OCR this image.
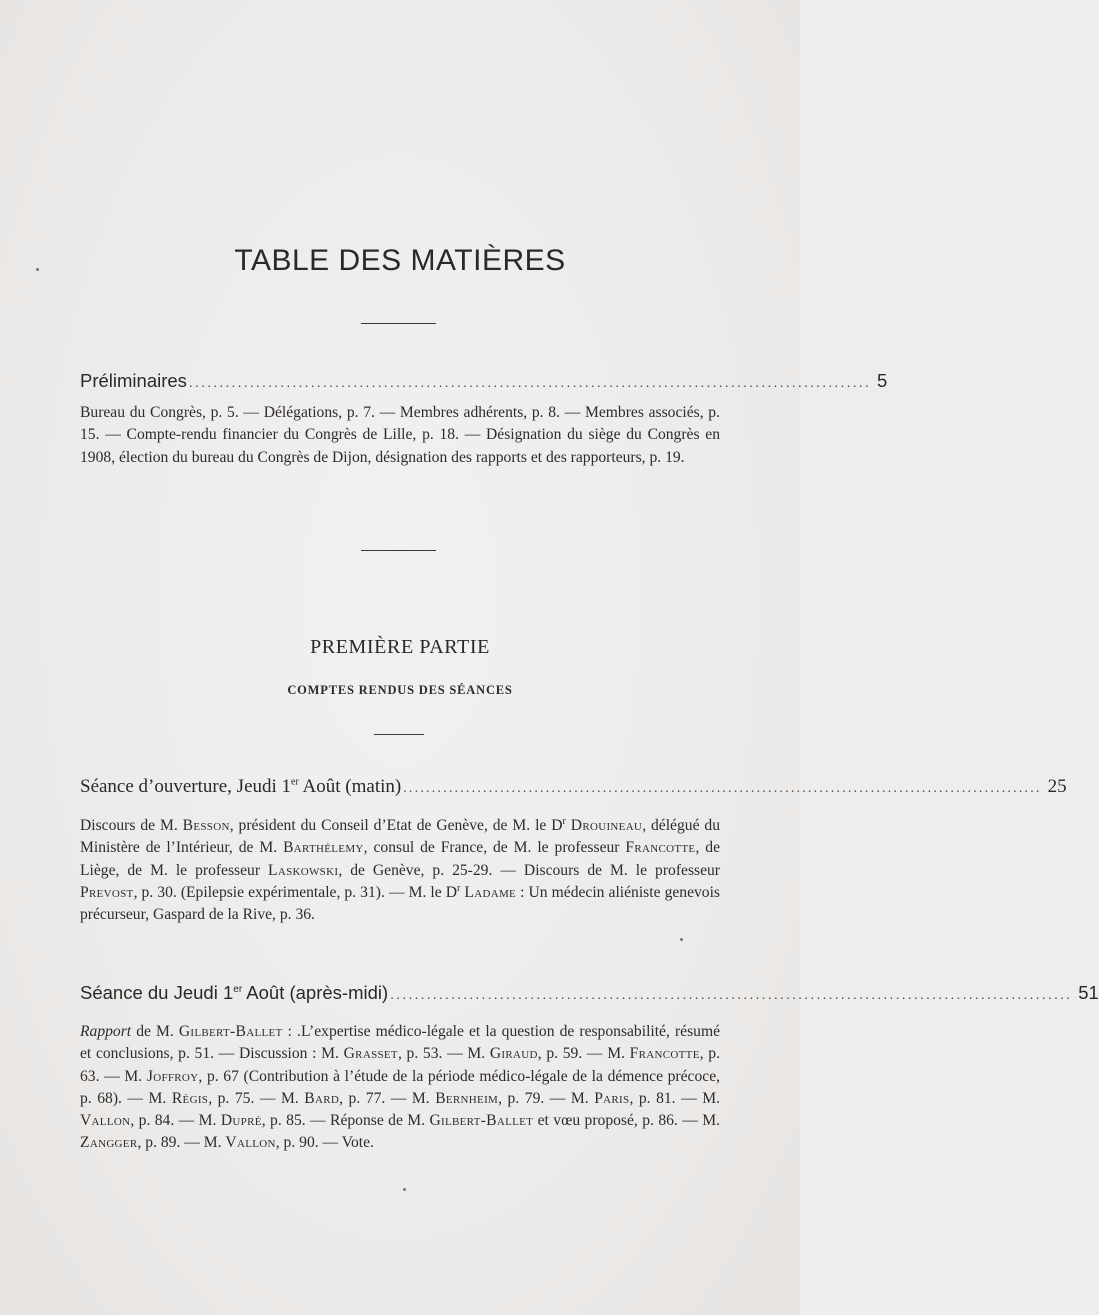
TABLE DES MATIÈRES
Préliminaires ................................................................................................................ 5

Bureau du Congrès, p. 5. — Délégations, p. 7. — Membres adhérents, p. 8. — Membres associés, p. 15. — Compte-rendu financier du Congrès de Lille, p. 18. — Désignation du siège du Congrès en 1908, élection du bureau du Congrès de Dijon, désignation des rapports et des rapporteurs, p. 19.

PREMIÈRE PARTIE
COMPTES RENDUS DES SÉANCES
Séance d’ouverture, Jeudi 1er Août (matin) ................................................................................................................ 25

Discours de M. Besson, président du Conseil d’Etat de Genève, de M. le $D^r$ Drouineau, délégué du Ministère de l’Intérieur, de M. Barthélemy, consul de France, de M. le professeur Francotte, de Liège, de M. le professeur Laskowski, de Genève, p. 25-29. — Discours de M. le professeur Prevost, p. 30. (Epilepsie expérimentale, p. 31). — M. le $D^r$ Ladame : Un médecin aliéniste genevois précurseur, Gaspard de la Rive, p. 36.

Séance du Jeudi 1er Août (après-midi) ................................................................................................................ 51

Rapport de M. Gilbert-Ballet : .L’expertise médico-légale et la question de responsabilité, résumé et conclusions, p. 51. — Discussion : M. Grasset, p. 53. — M. Giraud, p. 59. — M. Francotte, p. 63. — M. Joffroy, p. 67 (Contribution à l’étude de la période médico-légale de la démence précoce, p. 68). — M. Régis, p. 75. — M. Bard, p. 77. — M. Bernheim, p. 79. — M. Paris, p. 81. — M. Vallon, p. 84. — M. Dupré, p. 85. — Réponse de M. Gilbert-Ballet et vœu proposé, p. 86. — M. Zangger, p. 89. — M. Vallon, p. 90. — Vote.
